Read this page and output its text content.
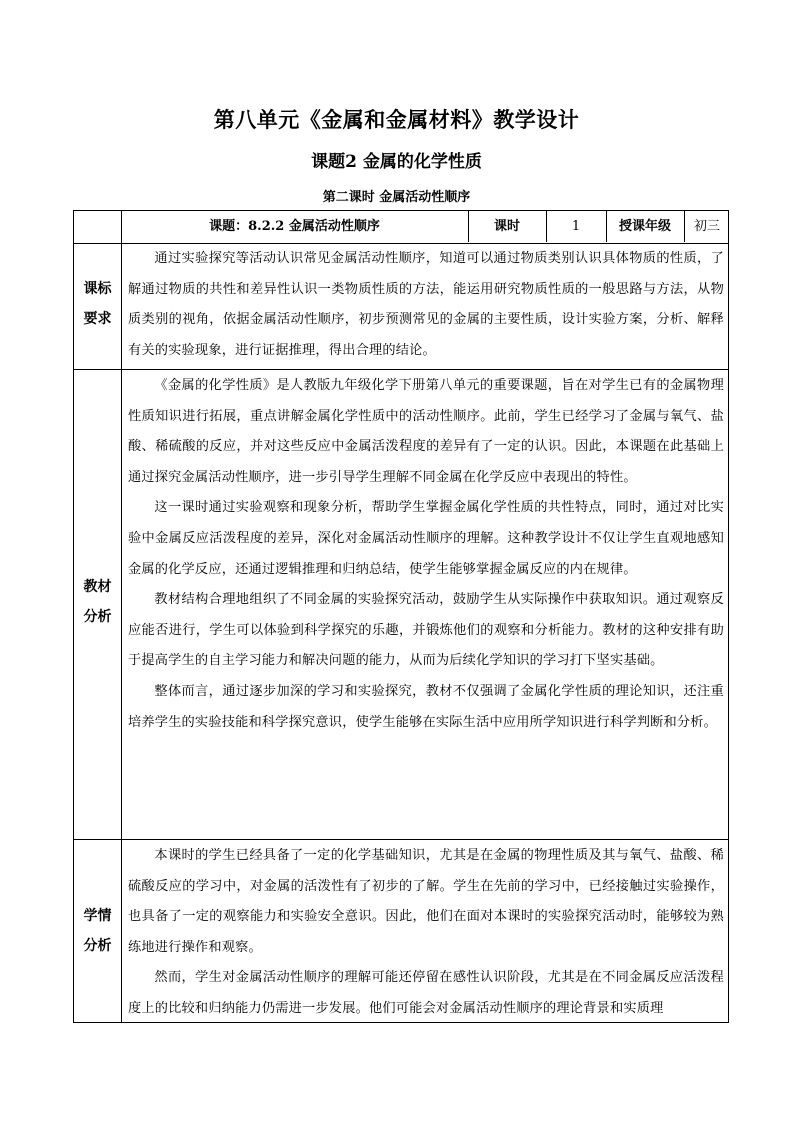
第八单元《金属和金属材料》教学设计
课题2 金属的化学性质
第二课时 金属活动性顺序
课题：8.2.2 金属活动性顺序	课时	1	授课年级	初三
课标
要求

通过实验探究等活动认识常见金属活动性顺序，知道可以通过物质类别认识具体物质的性质，了解通过物质的共性和差异性认识一类物质性质的方法，能运用研究物质性质的一般思路与方法，从物质类别的视角，依据金属活动性顺序，初步预测常见的金属的主要性质，设计实验方案，分析、解释有关的实验现象，进行证据推理，得出合理的结论。

教材
分析

《金属的化学性质》是人教版九年级化学下册第八单元的重要课题，旨在对学生已有的金属物理性质知识进行拓展，重点讲解金属化学性质中的活动性顺序。此前，学生已经学习了金属与氧气、盐酸、稀硫酸的反应，并对这些反应中金属活泼程度的差异有了一定的认识。因此，本课题在此基础上通过探究金属活动性顺序，进一步引导学生理解不同金属在化学反应中表现出的特性。

这一课时通过实验观察和现象分析，帮助学生掌握金属化学性质的共性特点，同时，通过对比实验中金属反应活泼程度的差异，深化对金属活动性顺序的理解。这种教学设计不仅让学生直观地感知金属的化学反应，还通过逻辑推理和归纳总结，使学生能够掌握金属反应的内在规律。

教材结构合理地组织了不同金属的实验探究活动，鼓励学生从实际操作中获取知识。通过观察反应能否进行，学生可以体验到科学探究的乐趣，并锻炼他们的观察和分析能力。教材的这种安排有助于提高学生的自主学习能力和解决问题的能力，从而为后续化学知识的学习打下坚实基础。

整体而言，通过逐步加深的学习和实验探究，教材不仅强调了金属化学性质的理论知识，还注重培养学生的实验技能和科学探究意识，使学生能够在实际生活中应用所学知识进行科学判断和分析。

学情
分析

本课时的学生已经具备了一定的化学基础知识，尤其是在金属的物理性质及其与氧气、盐酸、稀硫酸反应的学习中，对金属的活泼性有了初步的了解。学生在先前的学习中，已经接触过实验操作，也具备了一定的观察能力和实验安全意识。因此，他们在面对本课时的实验探究活动时，能够较为熟练地进行操作和观察。

然而，学生对金属活动性顺序的理解可能还停留在感性认识阶段，尤其是在不同金属反应活泼程度上的比较和归纳能力仍需进一步发展。他们可能会对金属活动性顺序的理论背景和实质理
